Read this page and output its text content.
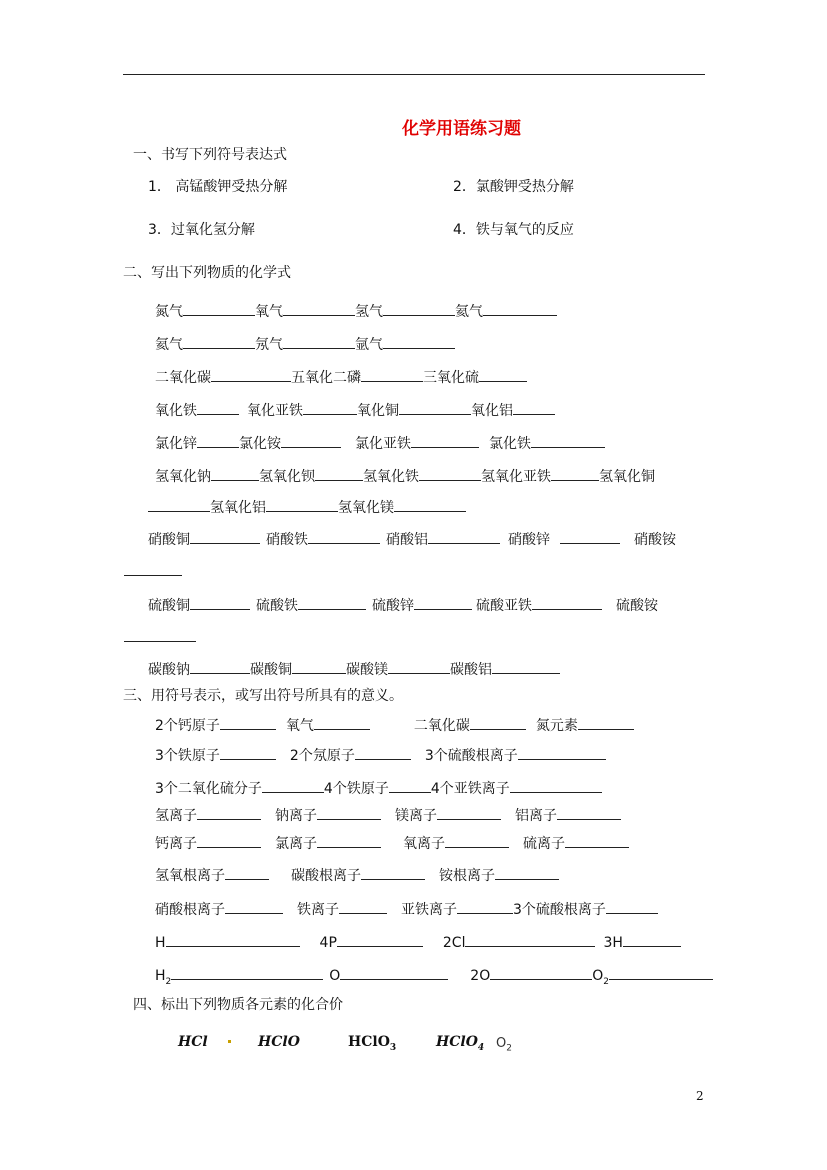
化学用语练习题
一、书写下列符号表达式
1． 高锰酸钾受热分解	2．氯酸钾受热分解
3．过氧化氢分解	4．铁与氧气的反应
二、写出下列物质的化学式
氮气	氧气	氢气	氦气
氦气	氖气	氩气
二氧化碳	五氧化二磷	三氧化硫
氧化铁	氧化亚铁	氧化铜	氧化铝
氯化锌	氯化铵	氯化亚铁	氯化铁
氢氧化钠	氢氧化钡	氢氧化铁	氢氧化亚铁	氢氧化铜
氢氧化铝	氢氧化镁
硝酸铜	硝酸铁	硝酸铝	硝酸锌	硝酸铵
硫酸铜	硫酸铁	硫酸锌	硫酸亚铁	硫酸铵
碳酸钠	碳酸铜	碳酸镁	碳酸铝
三、用符号表示，或写出符号所具有的意义。
2个钙原子	氧气	二氧化碳	氮元素
3个铁原子	2个氖原子	3个硫酸根离子
3个二氧化硫分子	4个铁原子	4个亚铁离子
氢离子	钠离子	镁离子	铝离子
钙离子	氯离子	氧离子	硫离子
氢氧根离子	碳酸根离子	铵根离子
硝酸根离子	铁离子	亚铁离子	3个硫酸根离子
H	4P	2Cl	3H
$H_2$	O	2O	$O_2$
四、标出下列物质各元素的化合价
HCl	HClO	HClO$_3$	HClO$_4$ $O_2$
2
